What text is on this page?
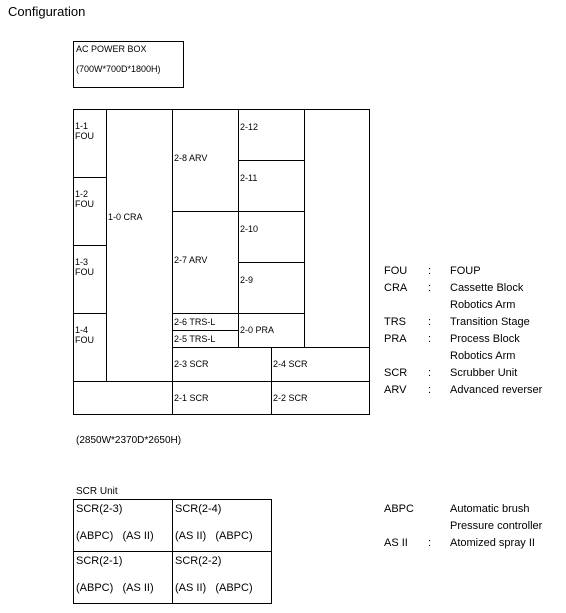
Configuration
AC POWER BOX
(700W*700D*1800H)
1-1
FOU
1-2
FOU
1-3
FOU
1-4
FOU
1-0 CRA
2-8 ARV
2-7 ARV
2-6 TRS-L
2-5 TRS-L
2-12
2-11
2-10
2-9
2-0 PRA
2-3 SCR	2-4 SCR
2-1 SCR	2-2 SCR
(2850W*2370D*2650H)
FOU : FOUP
CRA : Cassette Block
Robotics Arm
TRS : Transition Stage
PRA : Process Block
Robotics Arm
SCR : Scrubber Unit
ARV : Advanced reverser
SCR Unit
SCR(2-3)
(ABPC)   (AS II)
SCR(2-4)
(AS II)   (ABPC)
SCR(2-1)
(ABPC)   (AS II)
SCR(2-2)
(AS II)   (ABPC)
ABPC	Automatic brush
Pressure controller
AS II : Atomized spray II
